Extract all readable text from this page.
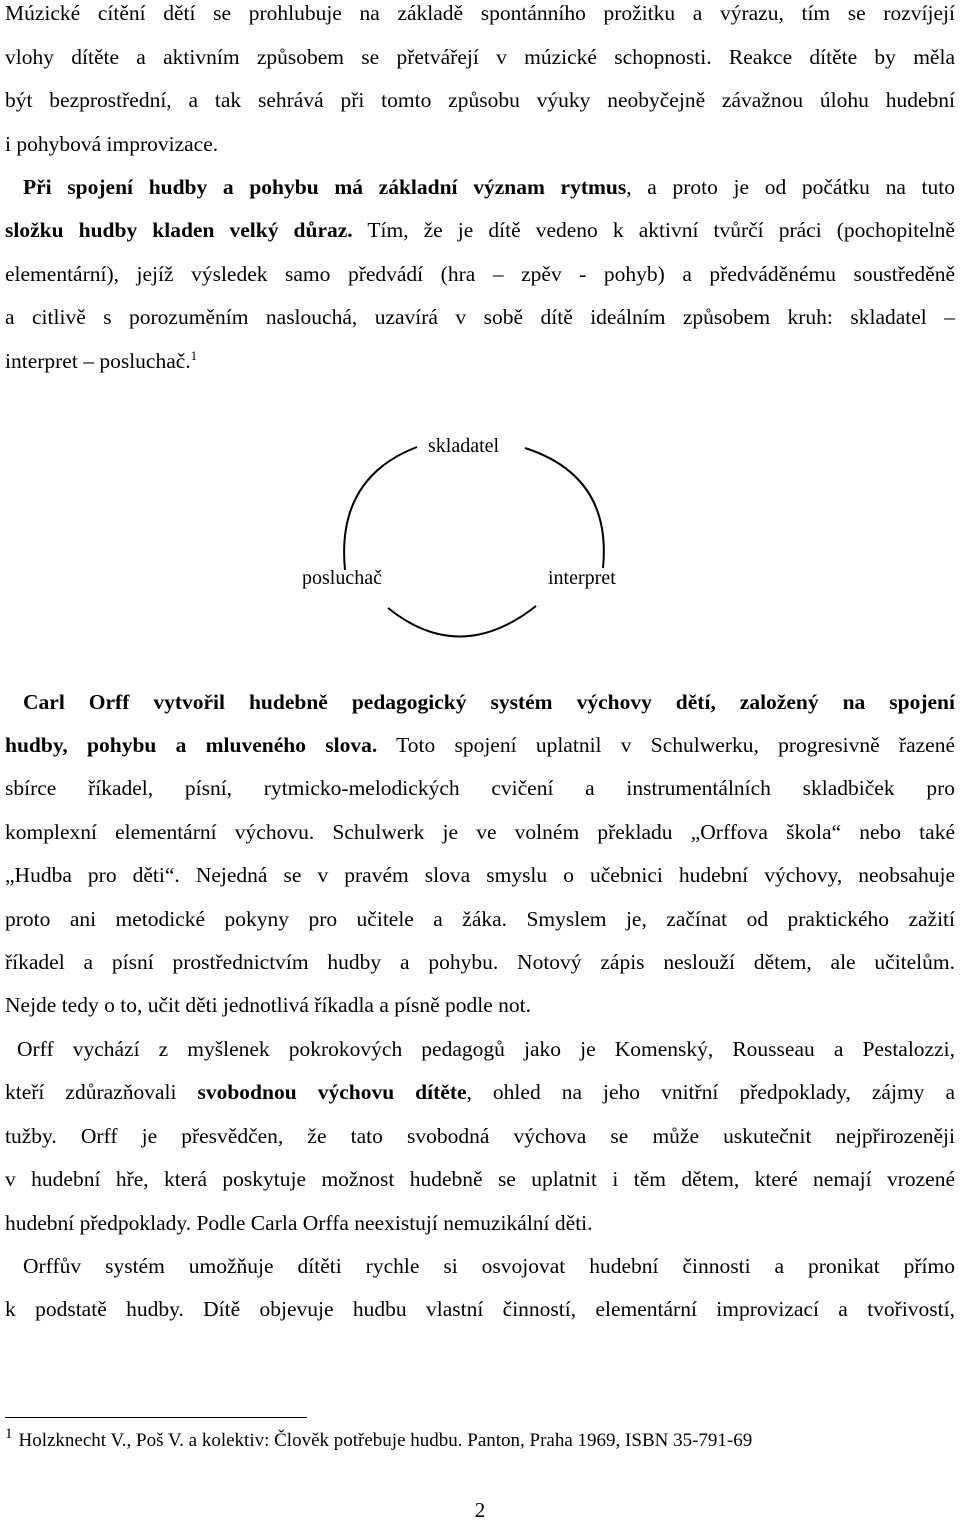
Múzické cítění dětí se prohlubuje na základě spontánního prožitku a výrazu, tím se rozvíjejí
vlohy dítěte a aktivním způsobem se přetvářejí v múzické schopnosti. Reakce dítěte by měla
být bezprostřední, a tak sehrává při tomto způsobu výuky neobyčejně závažnou úlohu hudební
i pohybová improvizace.
Při spojení hudby a pohybu má základní význam rytmus, a proto je od počátku na tuto
složku hudby kladen velký důraz. Tím, že je dítě vedeno k aktivní tvůrčí práci (pochopitelně
elementární), jejíž výsledek samo předvádí (hra – zpěv - pohyb) a předváděnému soustředěně
a citlivě s porozuměním naslouchá, uzavírá v sobě dítě ideálním způsobem kruh: skladatel –
interpret – posluchač.$^1$
skladatel
posluchač	interpret
Carl Orff vytvořil hudebně pedagogický systém výchovy dětí, založený na spojení
hudby, pohybu a mluveného slova. Toto spojení uplatnil v Schulwerku, progresivně řazené
sbírce říkadel, písní, rytmicko-melodických cvičení a instrumentálních skladbiček pro
komplexní elementární výchovu. Schulwerk je ve volném překladu „Orffova škola“ nebo také
„Hudba pro děti“. Nejedná se v pravém slova smyslu o učebnici hudební výchovy, neobsahuje
proto ani metodické pokyny pro učitele a žáka. Smyslem je, začínat od praktického zažití
říkadel a písní prostřednictvím hudby a pohybu. Notový zápis neslouží dětem, ale učitelům.
Nejde tedy o to, učit děti jednotlivá říkadla a písně podle not.
Orff vychází z myšlenek pokrokových pedagogů jako je Komenský, Rousseau a Pestalozzi,
kteří zdůrazňovali svobodnou výchovu dítěte, ohled na jeho vnitřní předpoklady, zájmy a
tužby. Orff je přesvědčen, že tato svobodná výchova se může uskutečnit nejpřirozeněji
v hudební hře, která poskytuje možnost hudebně se uplatnit i těm dětem, které nemají vrozené
hudební předpoklady. Podle Carla Orffa neexistují nemuzikální děti.
Orffův systém umožňuje dítěti rychle si osvojovat hudební činnosti a pronikat přímo
k podstatě hudby. Dítě objevuje hudbu vlastní činností, elementární improvizací a tvořivostí,
$^1$ Holzknecht V., Poš V. a kolektiv: Člověk potřebuje hudbu. Panton, Praha 1969, ISBN 35-791-69
2
